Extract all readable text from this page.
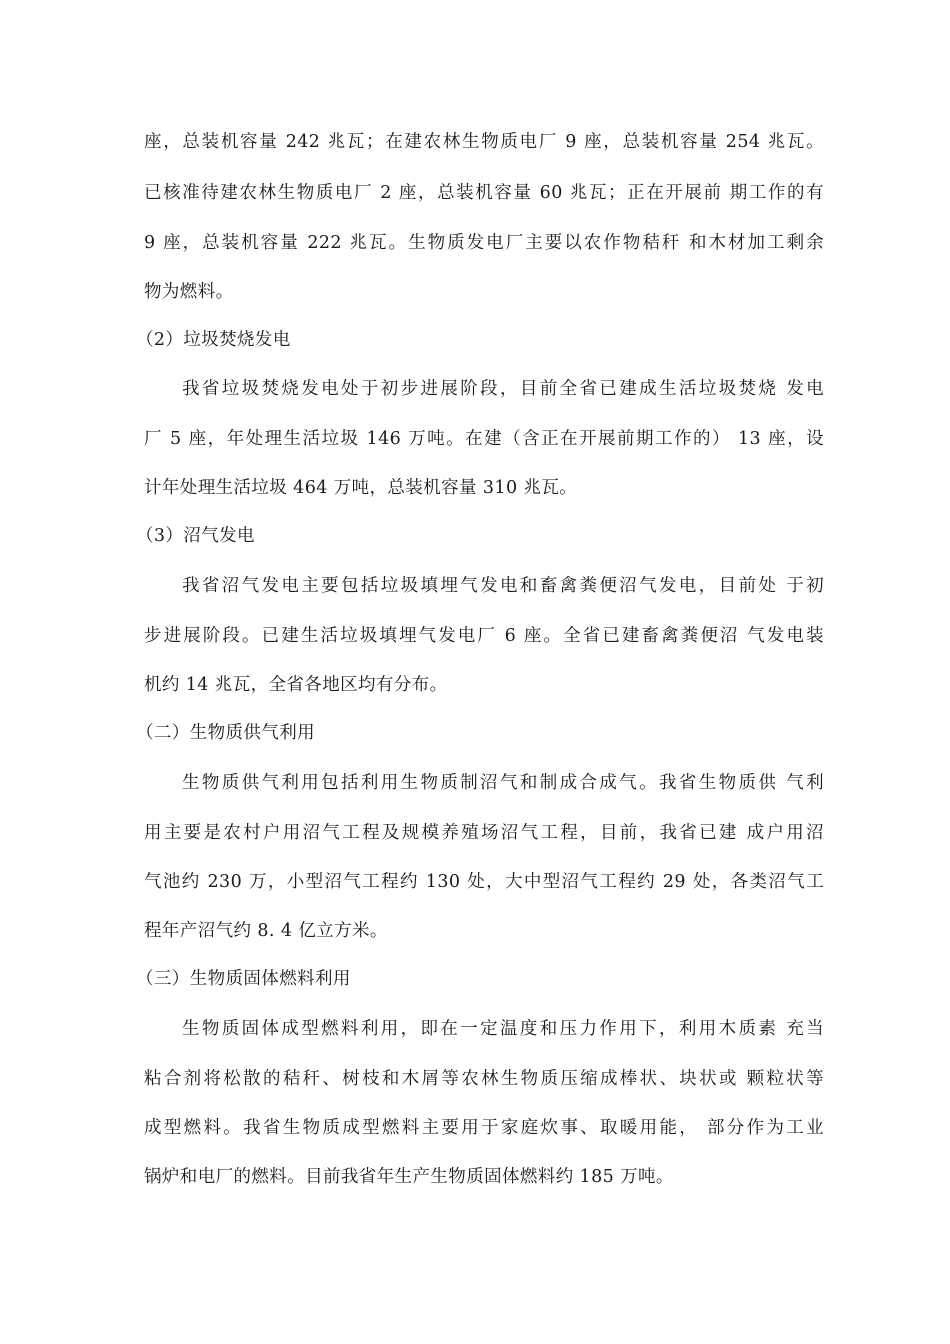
座，总装机容量 242 兆瓦；在建农林生物质电厂 9 座，总装机容量 254 兆瓦。
已核准待建农林生物质电厂 2 座，总装机容量 60 兆瓦；正在开展前 期工作的有
9 座，总装机容量 222 兆瓦。生物质发电厂主要以农作物秸秆 和木材加工剩余
物为燃料。
（2）垃圾焚烧发电
我省垃圾焚烧发电处于初步进展阶段，目前全省已建成生活垃圾焚烧 发电
厂 5 座，年处理生活垃圾 146 万吨。在建（含正在开展前期工作的） 13 座，设
计年处理生活垃圾 464 万吨，总装机容量 310 兆瓦。
（3）沼气发电
我省沼气发电主要包括垃圾填埋气发电和畜禽粪便沼气发电，目前处 于初
步进展阶段。已建生活垃圾填埋气发电厂 6 座。全省已建畜禽粪便沼 气发电装
机约 14 兆瓦，全省各地区均有分布。
（二）生物质供气利用
生物质供气利用包括利用生物质制沼气和制成合成气。我省生物质供 气利
用主要是农村户用沼气工程及规模养殖场沼气工程，目前，我省已建 成户用沼
气池约 230 万，小型沼气工程约 130 处，大中型沼气工程约 29 处，各类沼气工
程年产沼气约 8. 4 亿立方米。
（三）生物质固体燃料利用
生物质固体成型燃料利用，即在一定温度和压力作用下，利用木质素 充当
粘合剂将松散的秸秆、树枝和木屑等农林生物质压缩成棒状、块状或 颗粒状等
成型燃料。我省生物质成型燃料主要用于家庭炊事、取暖用能， 部分作为工业
锅炉和电厂的燃料。目前我省年生产生物质固体燃料约 185 万吨。
